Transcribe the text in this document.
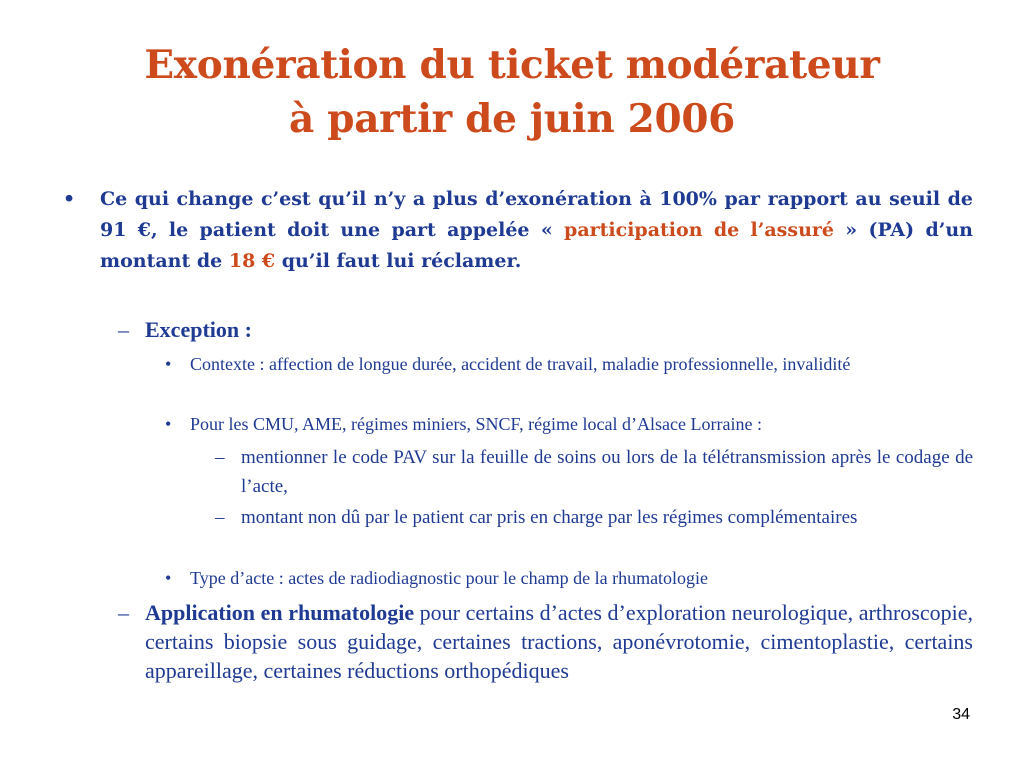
Exonération du ticket modérateur
à partir de juin 2006
• Ce qui change c’est qu’il n’y a plus d’exonération à 100% par rapport au seuil de 91 €, le patient doit une part appelée « participation de l’assuré » (PA) d’un montant de 18 € qu’il faut lui réclamer.
– Exception :
• Contexte : affection de longue durée, accident de travail, maladie professionnelle, invalidité
• Pour les CMU, AME, régimes miniers, SNCF, régime local d’Alsace Lorraine :
– mentionner le code PAV sur la feuille de soins ou lors de la télétransmission après le codage de l’acte,
– montant non dû par le patient car pris en charge par les régimes complémentaires
• Type d’acte : actes de radiodiagnostic pour le champ de la rhumatologie
– Application en rhumatologie pour certains d’actes d’exploration neurologique, arthroscopie, certains biopsie sous guidage, certaines tractions, aponévrotomie, cimentoplastie, certains appareillage, certaines réductions orthopédiques
34
